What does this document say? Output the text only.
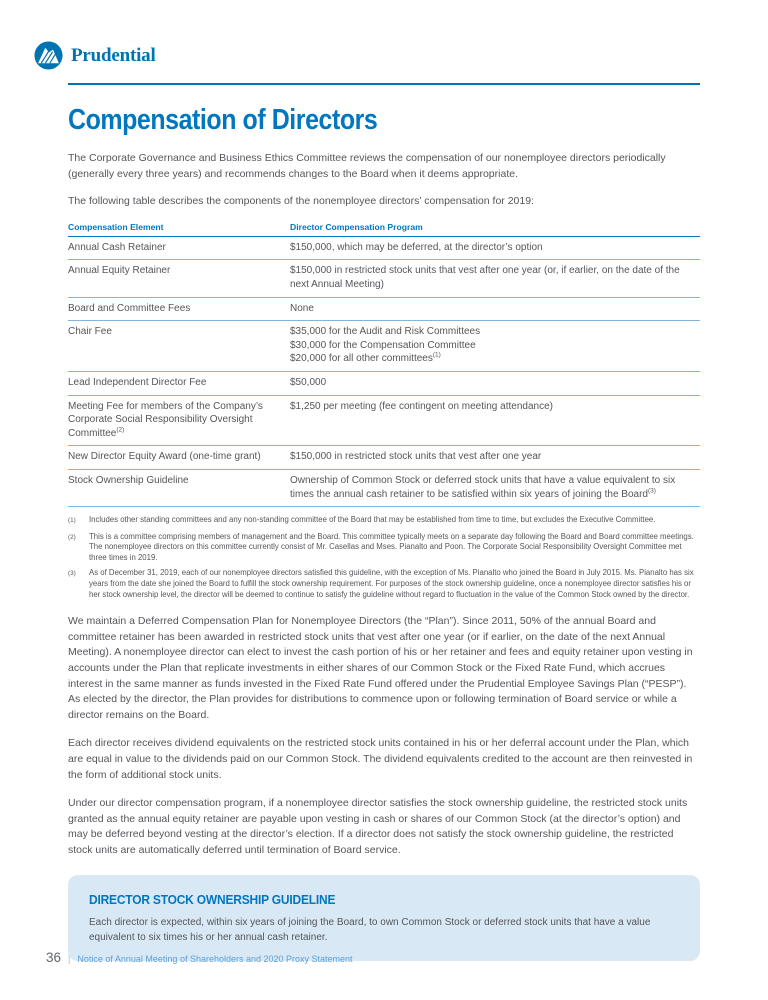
Prudential
Compensation of Directors
The Corporate Governance and Business Ethics Committee reviews the compensation of our nonemployee directors periodically (generally every three years) and recommends changes to the Board when it deems appropriate.
The following table describes the components of the nonemployee directors’ compensation for 2019:
Compensation Element	Director Compensation Program
Annual Cash Retainer	$150,000, which may be deferred, at the director’s option
Annual Equity Retainer	$150,000 in restricted stock units that vest after one year (or, if earlier, on the date of the next Annual Meeting)
Board and Committee Fees	None
Chair Fee	$35,000 for the Audit and Risk Committees
$30,000 for the Compensation Committee
$20,000 for all other committees$^{(1)}$

Lead Independent Director Fee	$50,000
Meeting Fee for members of the Company’s Corporate Social Responsibility Oversight Committee$^{(2)}$	$1,250 per meeting (fee contingent on meeting attendance)
New Director Equity Award (one-time grant)	$150,000 in restricted stock units that vest after one year
Stock Ownership Guideline	Ownership of Common Stock or deferred stock units that have a value equivalent to six times the annual cash retainer to be satisfied within six years of joining the Board$^{(3)}$
(1)	Includes other standing committees and any non-standing committee of the Board that may be established from time to time, but excludes the Executive Committee.
(2)	This is a committee comprising members of management and the Board. This committee typically meets on a separate day following the Board and Board committee meetings. The nonemployee directors on this committee currently consist of Mr. Casellas and Mses. Pianalto and Poon. The Corporate Social Responsibility Oversight Committee met three times in 2019.
(3)	As of December 31, 2019, each of our nonemployee directors satisfied this guideline, with the exception of Ms. Pianalto who joined the Board in July 2015. Ms. Pianalto has six years from the date she joined the Board to fulfill the stock ownership requirement. For purposes of the stock ownership guideline, once a nonemployee director satisfies his or her stock ownership level, the director will be deemed to continue to satisfy the guideline without regard to fluctuation in the value of the Common Stock owned by the director.
We maintain a Deferred Compensation Plan for Nonemployee Directors (the “Plan”). Since 2011, 50% of the annual Board and committee retainer has been awarded in restricted stock units that vest after one year (or if earlier, on the date of the next Annual Meeting). A nonemployee director can elect to invest the cash portion of his or her retainer and fees and equity retainer upon vesting in accounts under the Plan that replicate investments in either shares of our Common Stock or the Fixed Rate Fund, which accrues interest in the same manner as funds invested in the Fixed Rate Fund offered under the Prudential Employee Savings Plan (“PESP”). As elected by the director, the Plan provides for distributions to commence upon or following termination of Board service or while a director remains on the Board.
Each director receives dividend equivalents on the restricted stock units contained in his or her deferral account under the Plan, which are equal in value to the dividends paid on our Common Stock. The dividend equivalents credited to the account are then reinvested in the form of additional stock units.
Under our director compensation program, if a nonemployee director satisfies the stock ownership guideline, the restricted stock units granted as the annual equity retainer are payable upon vesting in cash or shares of our Common Stock (at the director’s option) and may be deferred beyond vesting at the director’s election. If a director does not satisfy the stock ownership guideline, the restricted stock units are automatically deferred until termination of Board service.
DIRECTOR STOCK OWNERSHIP GUIDELINE
Each director is expected, within six years of joining the Board, to own Common Stock or deferred stock units that have a value equivalent to six times his or her annual cash retainer.
36 | Notice of Annual Meeting of Shareholders and 2020 Proxy Statement
